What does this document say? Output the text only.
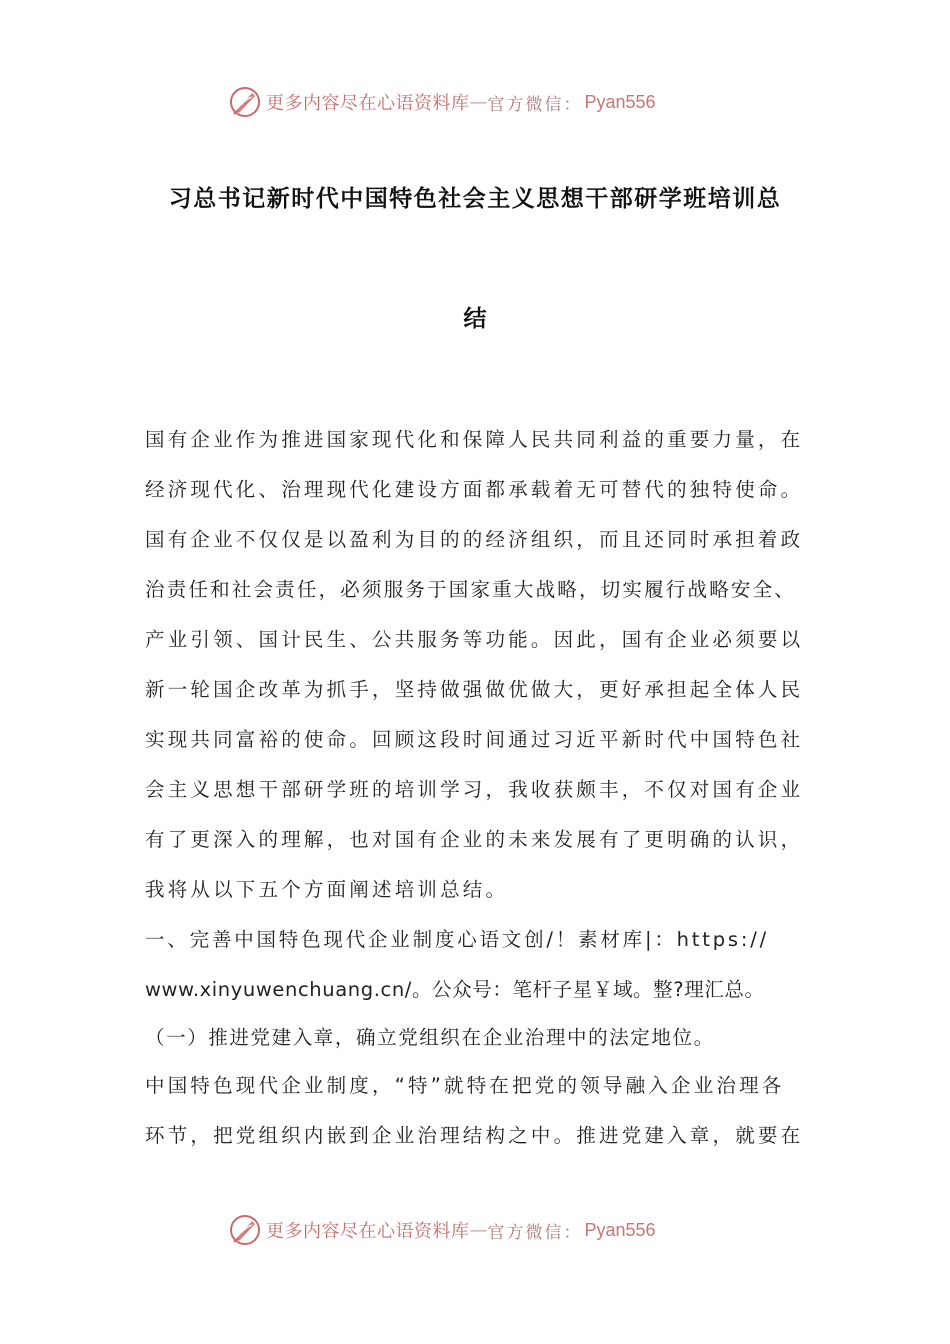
更多内容尽在心语资料库 — 官方微信： Pyan556
习总书记新时代中国特色社会主义思想干部研学班培训总
结
国有企业作为推进国家现代化和保障人民共同利益的重要力量，在
经济现代化、治理现代化建设方面都承载着无可替代的独特使命。
国有企业不仅仅是以盈利为目的的经济组织，而且还同时承担着政
治责任和社会责任，必须服务于国家重大战略，切实履行战略安全、
产业引领、国计民生、公共服务等功能。因此，国有企业必须要以
新一轮国企改革为抓手，坚持做强做优做大，更好承担起全体人民
实现共同富裕的使命。回顾这段时间通过习近平新时代中国特色社
会主义思想干部研学班的培训学习，我收获颇丰，不仅对国有企业
有了更深入的理解，也对国有企业的未来发展有了更明确的认识，
我将从以下五个方面阐述培训总结。
一、完善中国特色现代企业制度心语文创/！素材库|：https://
www.xinyuwenchuang.cn/。公众号：笔杆子星￥域。整?理汇总。
（一）推进党建入章，确立党组织在企业治理中的法定地位。
中国特色现代企业制度，“特”就特在把党的领导融入企业治理各
环节，把党组织内嵌到企业治理结构之中。推进党建入章，就要在
更多内容尽在心语资料库 — 官方微信： Pyan556
